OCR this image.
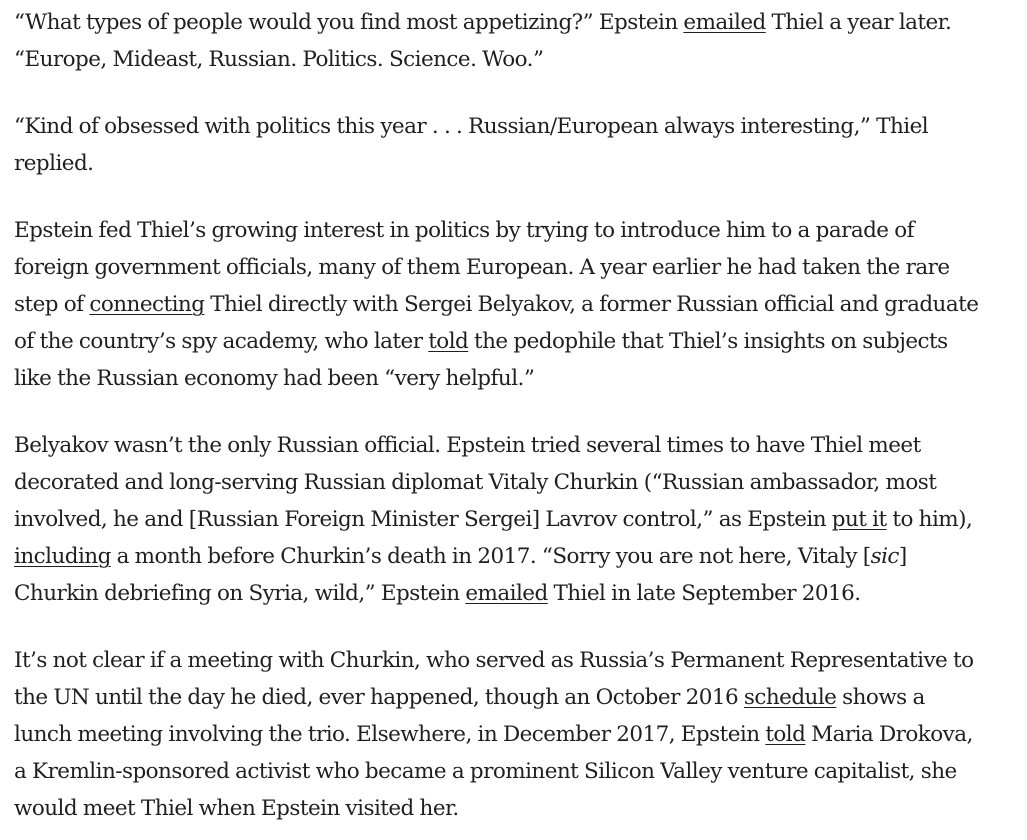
“What types of people would you find most appetizing?” Epstein emailed Thiel a year later.
“Europe, Mideast, Russian. Politics. Science. Woo.”

“Kind of obsessed with politics this year . . . Russian/European always interesting,” Thiel
replied.

Epstein fed Thiel’s growing interest in politics by trying to introduce him to a parade of
foreign government officials, many of them European. A year earlier he had taken the rare
step of connecting Thiel directly with Sergei Belyakov, a former Russian official and graduate
of the country’s spy academy, who later told the pedophile that Thiel’s insights on subjects
like the Russian economy had been “very helpful.”

Belyakov wasn’t the only Russian official. Epstein tried several times to have Thiel meet
decorated and long-serving Russian diplomat Vitaly Churkin (“Russian ambassador, most
involved, he and [Russian Foreign Minister Sergei] Lavrov control,” as Epstein put it to him),
including a month before Churkin’s death in 2017. “Sorry you are not here, Vitaly [sic]
Churkin debriefing on Syria, wild,” Epstein emailed Thiel in late September 2016.

It’s not clear if a meeting with Churkin, who served as Russia’s Permanent Representative to
the UN until the day he died, ever happened, though an October 2016 schedule shows a
lunch meeting involving the trio. Elsewhere, in December 2017, Epstein told Maria Drokova,
a Kremlin-sponsored activist who became a prominent Silicon Valley venture capitalist, she
would meet Thiel when Epstein visited her.
